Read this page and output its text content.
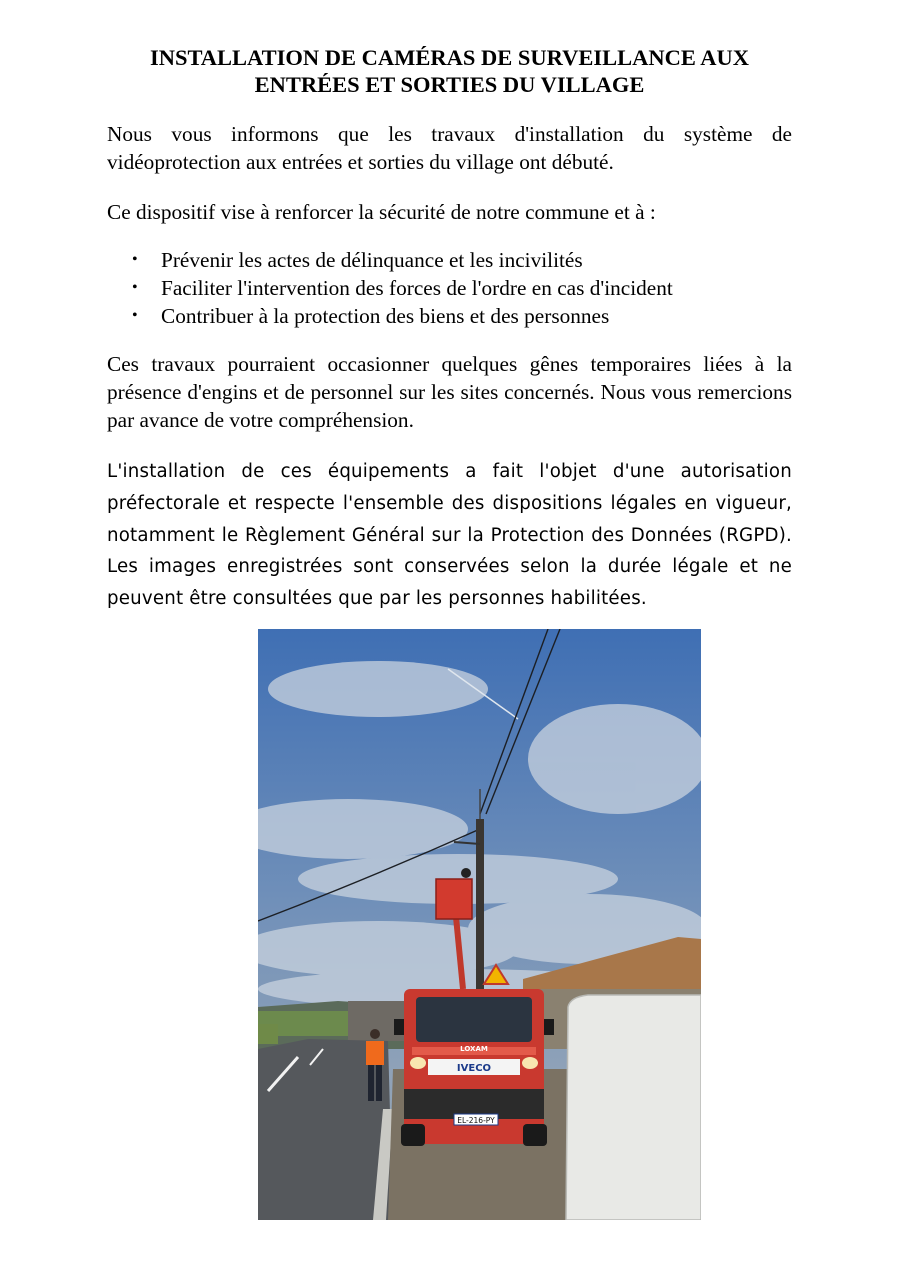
INSTALLATION DE CAMÉRAS DE SURVEILLANCE AUX
ENTRÉES ET SORTIES DU VILLAGE

Nous vous informons que les travaux d'installation du système de vidéoprotection aux entrées et sorties du village ont débuté.

Ce dispositif vise à renforcer la sécurité de notre commune et à :

• Prévenir les actes de délinquance et les incivilités
• Faciliter l'intervention des forces de l'ordre en cas d'incident
• Contribuer à la protection des biens et des personnes

Ces travaux pourraient occasionner quelques gênes temporaires liées à la présence d'engins et de personnel sur les sites concernés. Nous vous remercions par avance de votre compréhension.

L'installation de ces équipements a fait l'objet d'une autorisation préfectorale et respecte l'ensemble des dispositions légales en vigueur, notamment le Règlement Général sur la Protection des Données (RGPD). Les images enregistrées sont conservées selon la durée légale et ne peuvent être consultées que par les personnes habilitées.

LOXAM
IVECO
EL-216-PY
